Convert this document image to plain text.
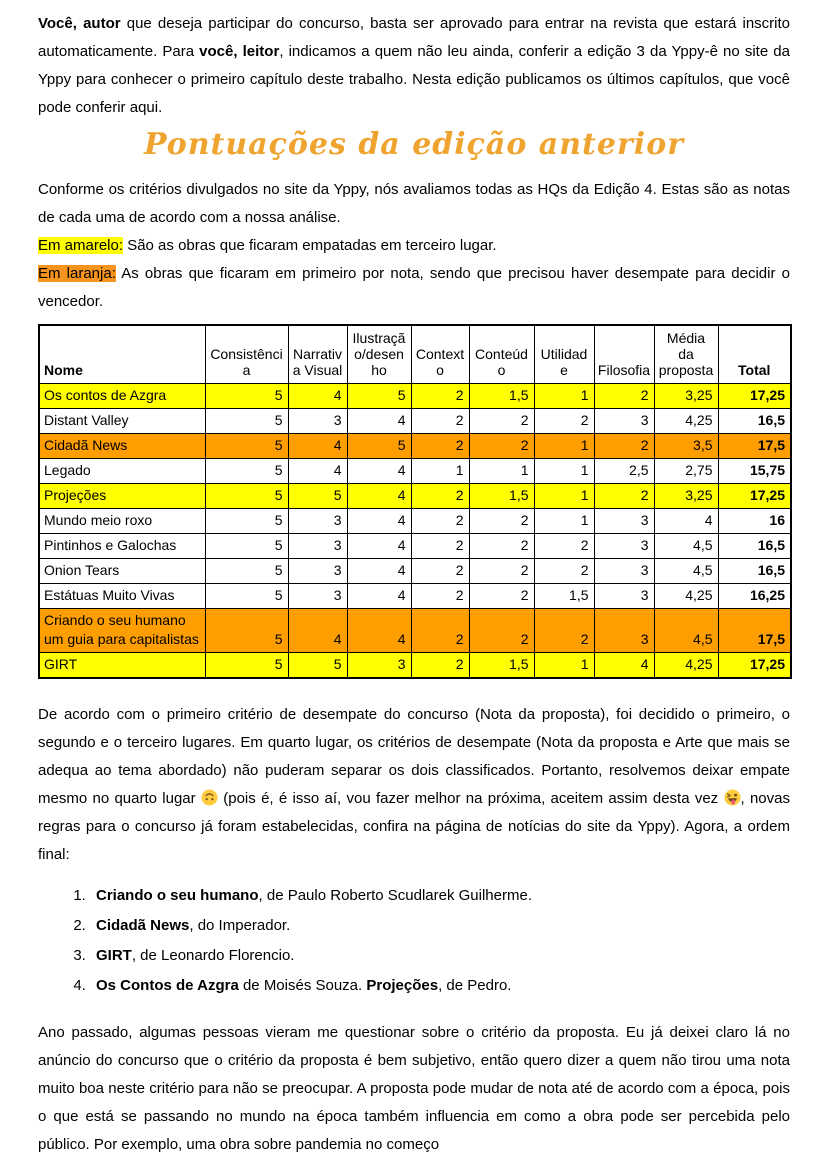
Você, autor que deseja participar do concurso, basta ser aprovado para entrar na revista que estará inscrito automaticamente. Para você, leitor, indicamos a quem não leu ainda, conferir a edição 3 da Yppy-ê no site da Yppy para conhecer o primeiro capítulo deste trabalho. Nesta edição publicamos os últimos capítulos, que você pode conferir aqui.

Pontuações da edição anterior

Conforme os critérios divulgados no site da Yppy, nós avaliamos todas as HQs da Edição 4. Estas são as notas de cada uma de acordo com a nossa análise.

Em amarelo: São as obras que ficaram empatadas em terceiro lugar.
Em laranja: As obras que ficaram em primeiro por nota, sendo que precisou haver desempate para decidir o vencedor.

Nome	Consistência	Narrativa Visual	Ilustração/desenho	Contexto	Conteúdo	Utilidade	Filosofia	Média da proposta	Total
Os contos de Azgra	5	4	5	2	1,5	1	2	3,25	17,25
Distant Valley	5	3	4	2	2	2	3	4,25	16,5
Cidadã News	5	4	5	2	2	1	2	3,5	17,5
Legado	5	4	4	1	1	1	2,5	2,75	15,75
Projeções	5	5	4	2	1,5	1	2	3,25	17,25
Mundo meio roxo	5	3	4	2	2	1	3	4	16
Pintinhos e Galochas	5	3	4	2	2	2	3	4,5	16,5
Onion Tears	5	3	4	2	2	2	3	4,5	16,5
Estátuas Muito Vivas	5	3	4	2	2	1,5	3	4,25	16,25
Criando o seu humano um guia para capitalistas	5	4	4	2	2	2	3	4,5	17,5
GIRT	5	5	3	2	1,5	1	4	4,25	17,25

De acordo com o primeiro critério de desempate do concurso (Nota da proposta), foi decidido o primeiro, o segundo e o terceiro lugares. Em quarto lugar, os critérios de desempate (Nota da proposta e Arte que mais se adequa ao tema abordado) não puderam separar os dois classificados. Portanto, resolvemos deixar empate mesmo no quarto lugar  (pois é, é isso aí, vou fazer melhor na próxima, aceitem assim desta vez , novas regras para o concurso já foram estabelecidas, confira na página de notícias do site da Yppy). Agora, a ordem final:

1. Criando o seu humano, de Paulo Roberto Scudlarek Guilherme.
2. Cidadã News, do Imperador.
3. GIRT, de Leonardo Florencio.
4. Os Contos de Azgra de Moisés Souza. Projeções, de Pedro.

Ano passado, algumas pessoas vieram me questionar sobre o critério da proposta. Eu já deixei claro lá no anúncio do concurso que o critério da proposta é bem subjetivo, então quero dizer a quem não tirou uma nota muito boa neste critério para não se preocupar. A proposta pode mudar de nota até de acordo com a época, pois o que está se passando no mundo na época também influencia em como a obra pode ser percebida pelo público. Por exemplo, uma obra sobre pandemia no começo
